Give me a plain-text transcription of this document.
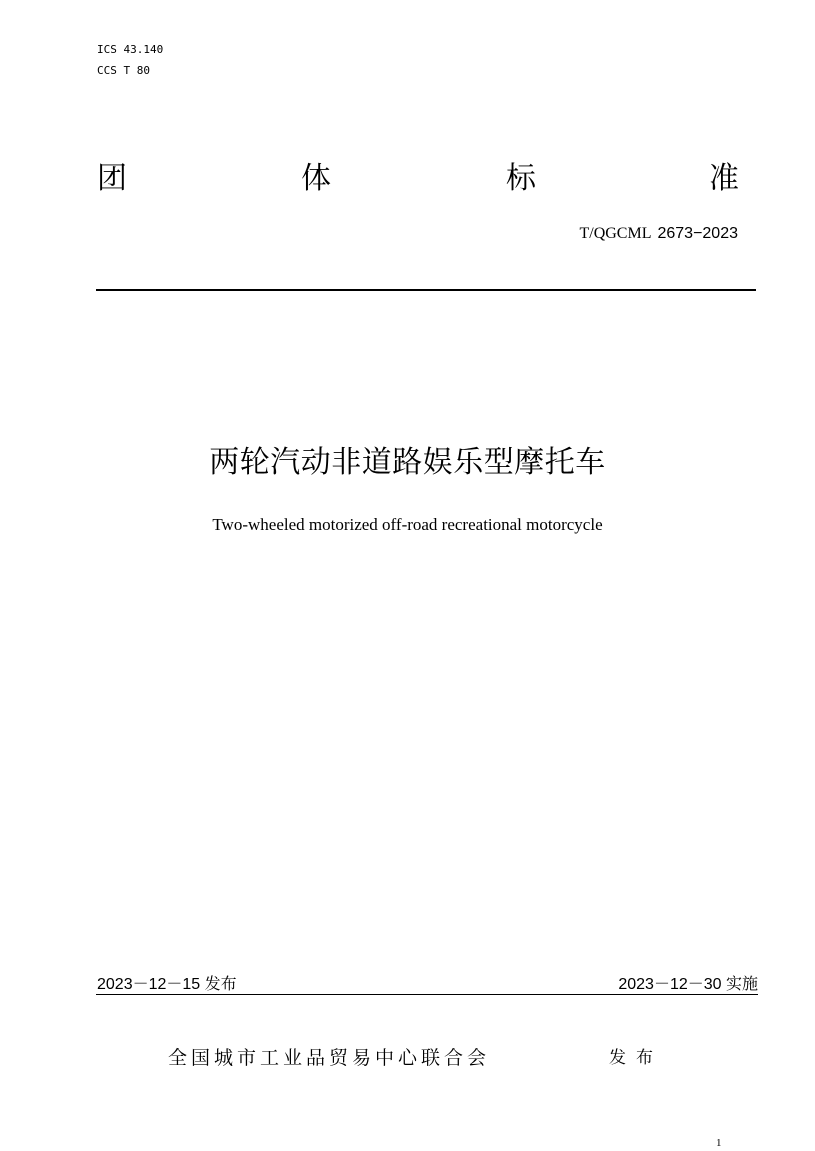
ICS 43.140
CCS T 80
团	体	标	准
T/QGCML 2673−2023
两轮汽动非道路娱乐型摩托车
Two-wheeled motorized off-road recreational motorcycle
2023－12－15 发布	2023－12－30 实施
全国城市工业品贸易中心联合会	发布
1
